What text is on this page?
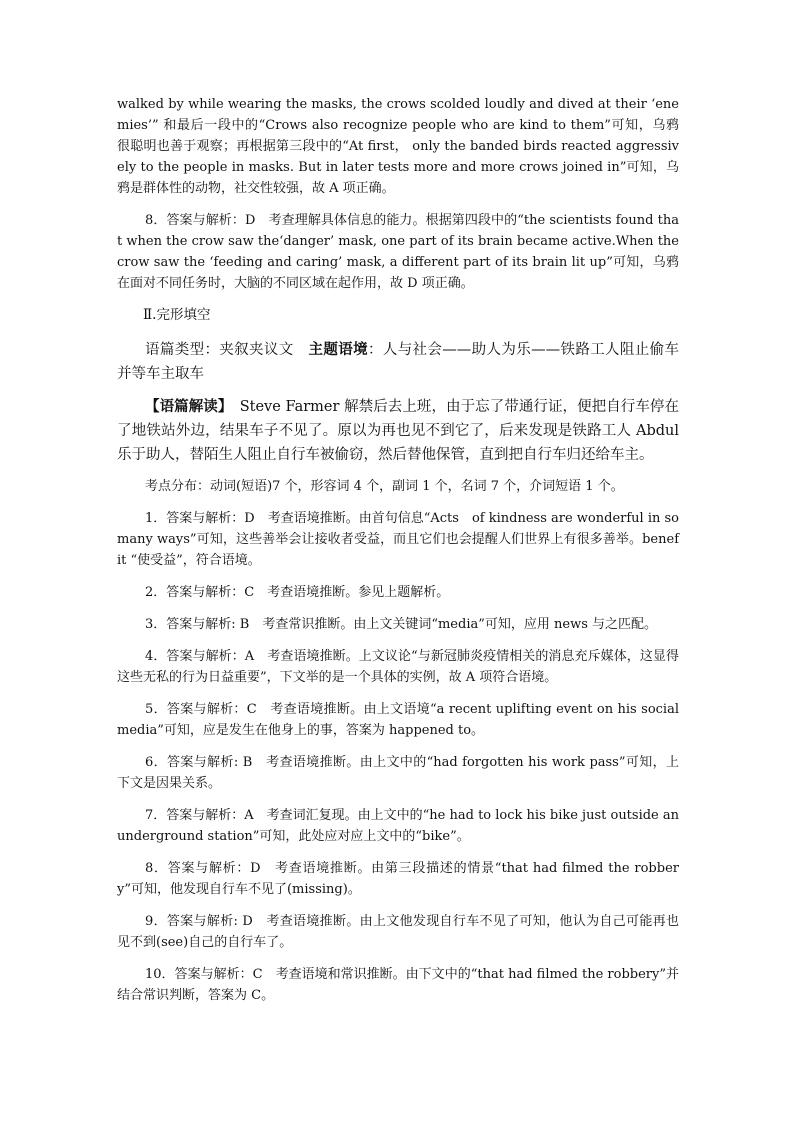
walked by while wearing the masks, the crows scolded loudly and dived at their ‘enemies’” 和最后一段中的“Crows also recognize people who are kind to them”可知，乌鸦很聪明也善于观察；再根据第三段中的“At first， only the banded birds reacted aggressively to the people in masks. But in later tests more and more crows joined in”可知，乌鸦是群体性的动物，社交性较强，故 A 项正确。

8．答案与解析：D　考查理解具体信息的能力。根据第四段中的“the scientists found that when the crow saw the‘danger’ mask, one part of its brain became active.When the crow saw the ‘feeding and caring’ mask, a different part of its brain lit up”可知，乌鸦在面对不同任务时，大脑的不同区域在起作用，故 D 项正确。

Ⅱ.完形填空

语篇类型：夹叙夹议文　主题语境：人与社会——助人为乐——铁路工人阻止偷车并等车主取车

【语篇解读】　Steve Farmer 解禁后去上班，由于忘了带通行证，便把自行车停在了地铁站外边，结果车子不见了。原以为再也见不到它了，后来发现是铁路工人 Abdul 乐于助人，替陌生人阻止自行车被偷窃，然后替他保管，直到把自行车归还给车主。

考点分布：动词(短语)7 个，形容词 4 个，副词 1 个，名词 7 个，介词短语 1 个。

1．答案与解析：D　考查语境推断。由首句信息“Acts　of kindness are wonderful in so many ways”可知，这些善举会让接收者受益，而且它们也会提醒人们世界上有很多善举。benefit “使受益”，符合语境。

2．答案与解析：C　考查语境推断。参见上题解析。

3．答案与解析: B　考查常识推断。由上文关键词“media”可知，应用 news 与之匹配。

4．答案与解析：A　考查语境推断。上文议论“与新冠肺炎疫情相关的消息充斥媒体，这显得这些无私的行为日益重要”，下文举的是一个具体的实例，故 A 项符合语境。

5．答案与解析：C　考查语境推断。由上文语境“a recent uplifting event on his social media”可知，应是发生在他身上的事，答案为 happened to。

6．答案与解析: B　考查语境推断。由上文中的“had forgotten his work pass”可知，上下文是因果关系。

7．答案与解析：A　考查词汇复现。由上文中的“he had to lock his bike just outside an underground station”可知，此处应对应上文中的“bike”。

8．答案与解析：D　考查语境推断。由第三段描述的情景“that had filmed the robbery”可知，他发现自行车不见了(missing)。

9．答案与解析: D　考查语境推断。由上文他发现自行车不见了可知，他认为自己可能再也见不到(see)自己的自行车了。

10．答案与解析：C　考查语境和常识推断。由下文中的“that had filmed the robbery”并结合常识判断，答案为 C。
